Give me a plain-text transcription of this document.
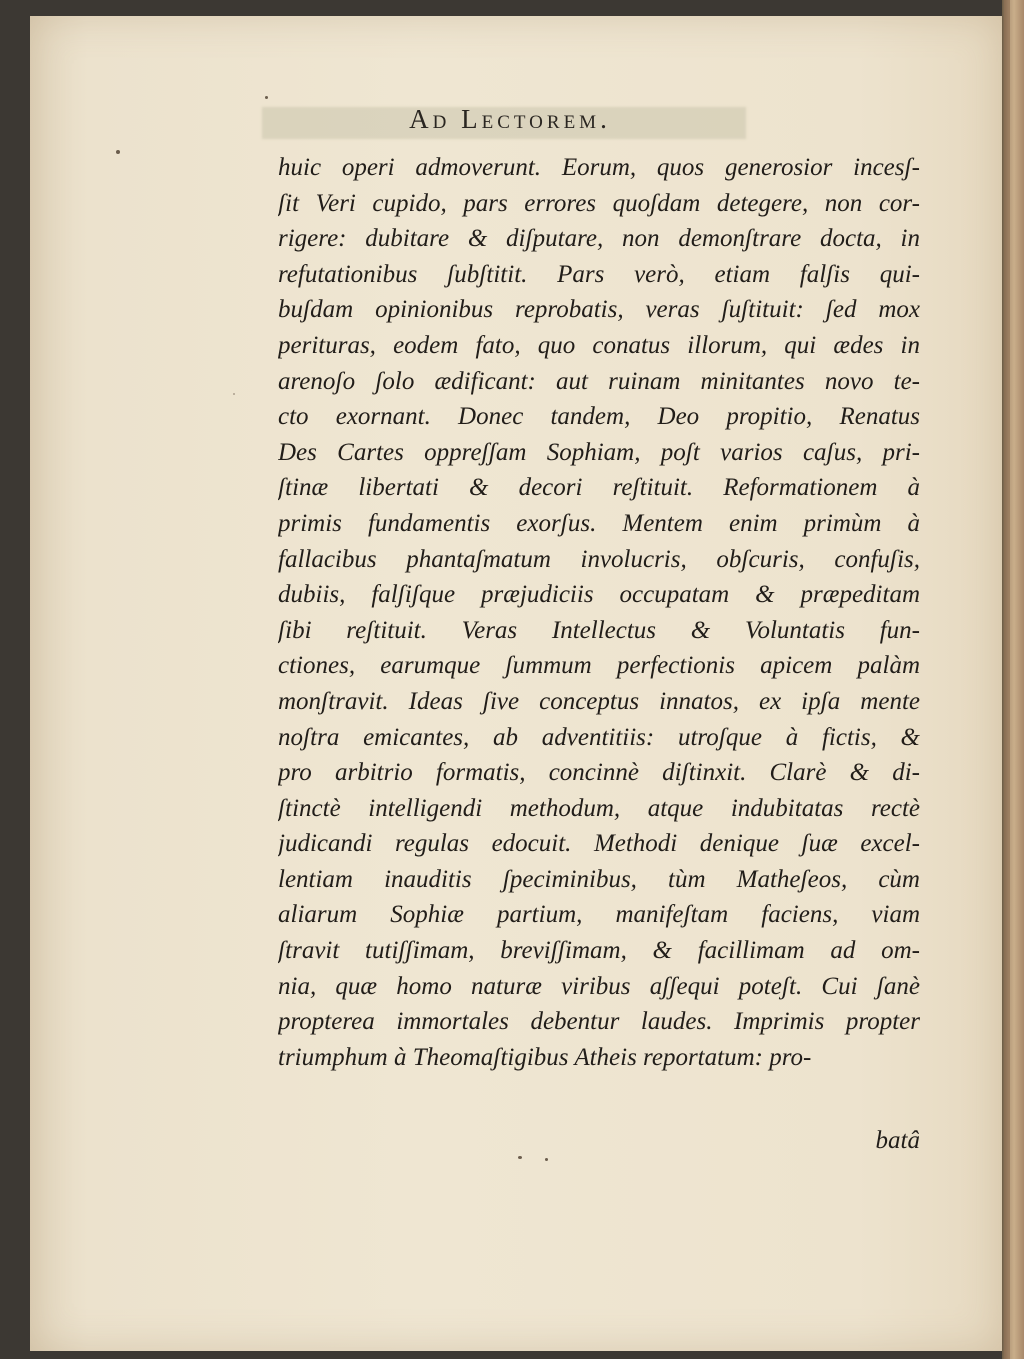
Ad Lectorem.
huic operi admoverunt. Eorum, quos generosior incesʃ-
ʃit Veri cupido, pars errores quoʃdam detegere, non cor-
rigere: dubitare & diʃputare, non demonʃtrare docta, in
refutationibus ʃubʃtitit. Pars verò, etiam falʃis qui-
buʃdam opinionibus reprobatis, veras ʃuʃtituit: ʃed mox
perituras, eodem fato, quo conatus illorum, qui ædes in
arenoʃo ʃolo ædificant: aut ruinam minitantes novo te-
cto exornant. Donec tandem, Deo propitio, Renatus
Des Cartes oppreʃʃam Sophiam, poʃt varios caʃus, pri-
ʃtinæ libertati & decori reʃtituit. Reformationem à
primis fundamentis exorʃus. Mentem enim primùm à
fallacibus phantaʃmatum involucris, obʃcuris, confuʃis,
dubiis, falʃiʃque præjudiciis occupatam & præpeditam
ʃibi reʃtituit. Veras Intellectus & Voluntatis fun-
ctiones, earumque ʃummum perfectionis apicem palàm
monʃtravit. Ideas ʃive conceptus innatos, ex ipʃa mente
noʃtra emicantes, ab adventitiis: utroʃque à fictis, &
pro arbitrio formatis, concinnè diʃtinxit. Clarè & di-
ʃtinctè intelligendi methodum, atque indubitatas rectè
judicandi regulas edocuit. Methodi denique ʃuæ excel-
lentiam inauditis ʃpeciminibus, tùm Matheʃeos, cùm
aliarum Sophiæ partium, manifeʃtam faciens, viam
ʃtravit tutiʃʃimam, breviʃʃimam, & facillimam ad om-
nia, quæ homo naturæ viribus aʃʃequi poteʃt. Cui ʃanè
propterea immortales debentur laudes. Imprimis propter
triumphum à Theomaʃtigibus Atheis reportatum: pro-
batâ
